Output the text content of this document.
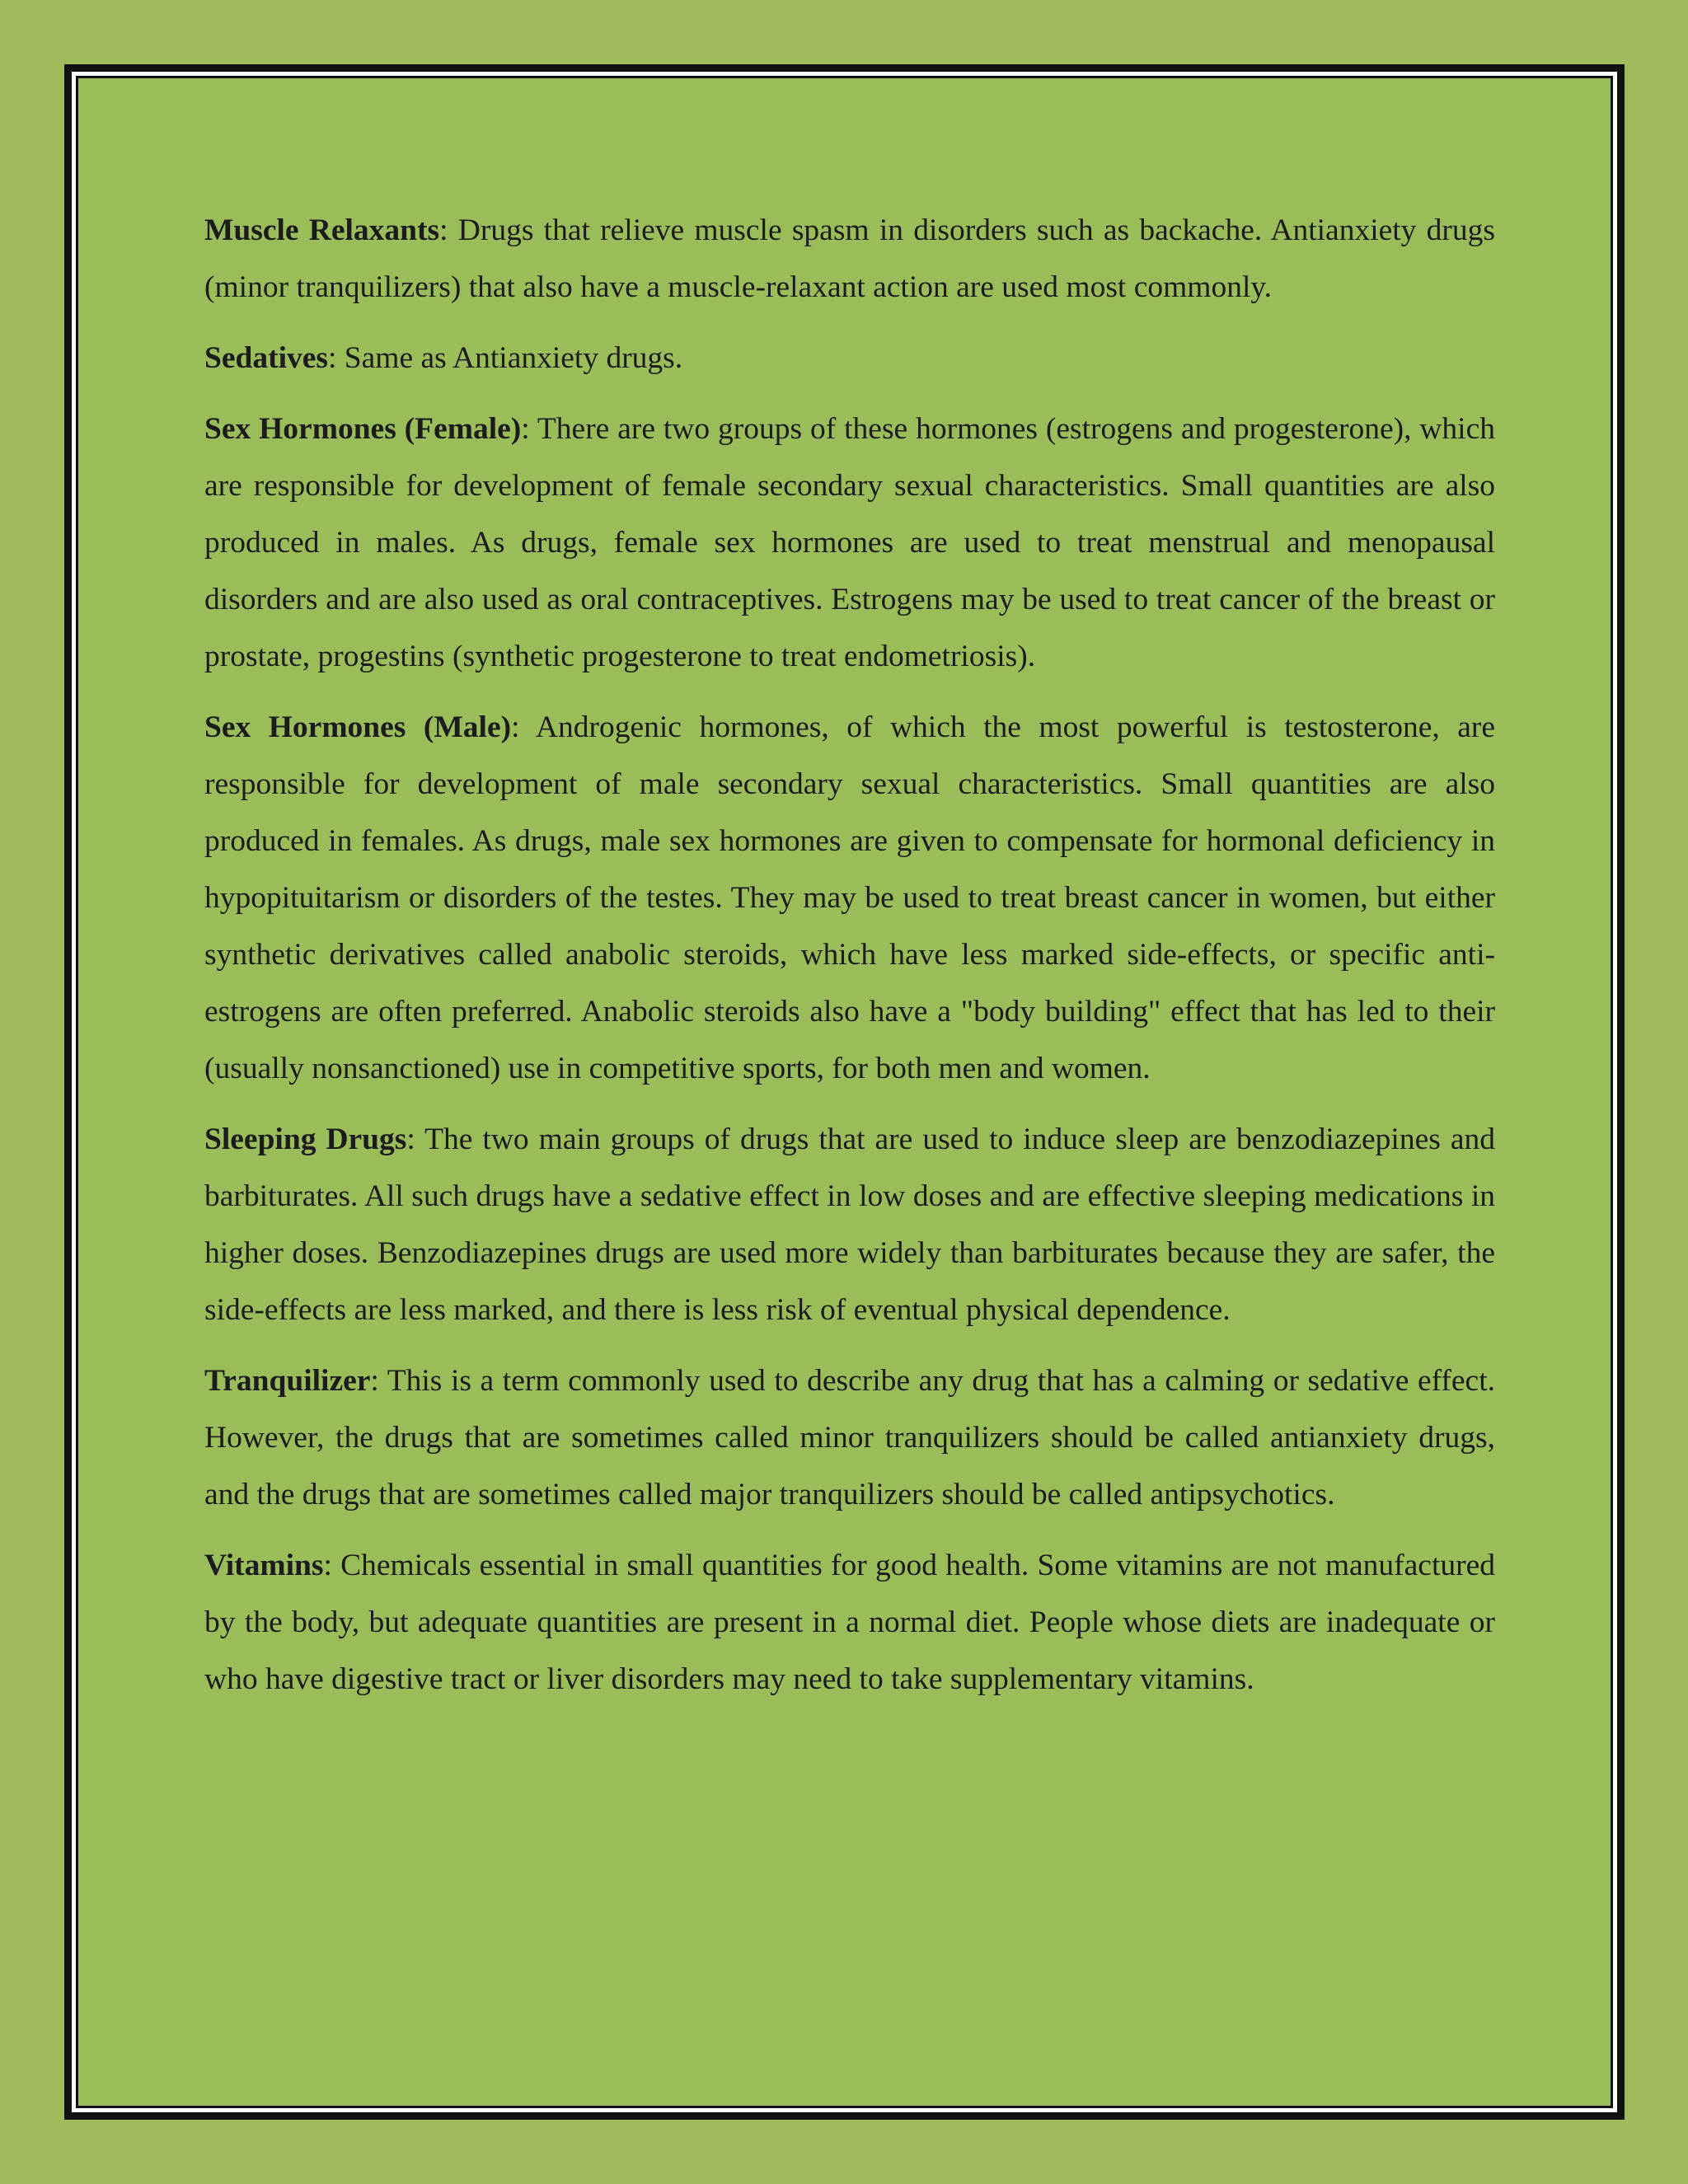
Muscle Relaxants: Drugs that relieve muscle spasm in disorders such as backache. Antianxiety drugs (minor tranquilizers) that also have a muscle-relaxant action are used most commonly.

Sedatives: Same as Antianxiety drugs.

Sex Hormones (Female): There are two groups of these hormones (estrogens and progesterone), which are responsible for development of female secondary sexual characteristics. Small quantities are also produced in males. As drugs, female sex hormones are used to treat menstrual and menopausal disorders and are also used as oral contraceptives. Estrogens may be used to treat cancer of the breast or prostate, progestins (synthetic progesterone to treat endometriosis).

Sex Hormones (Male): Androgenic hormones, of which the most powerful is testosterone, are responsible for development of male secondary sexual characteristics. Small quantities are also produced in females. As drugs, male sex hormones are given to compensate for hormonal deficiency in hypopituitarism or disorders of the testes. They may be used to treat breast cancer in women, but either synthetic derivatives called anabolic steroids, which have less marked side-effects, or specific anti-estrogens are often preferred. Anabolic steroids also have a "body building" effect that has led to their (usually nonsanctioned) use in competitive sports, for both men and women.

Sleeping Drugs: The two main groups of drugs that are used to induce sleep are benzodiazepines and barbiturates. All such drugs have a sedative effect in low doses and are effective sleeping medications in higher doses. Benzodiazepines drugs are used more widely than barbiturates because they are safer, the side-effects are less marked, and there is less risk of eventual physical dependence.

Tranquilizer: This is a term commonly used to describe any drug that has a calming or sedative effect. However, the drugs that are sometimes called minor tranquilizers should be called antianxiety drugs, and the drugs that are sometimes called major tranquilizers should be called antipsychotics.

Vitamins: Chemicals essential in small quantities for good health. Some vitamins are not manufactured by the body, but adequate quantities are present in a normal diet. People whose diets are inadequate or who have digestive tract or liver disorders may need to take supplementary vitamins.
